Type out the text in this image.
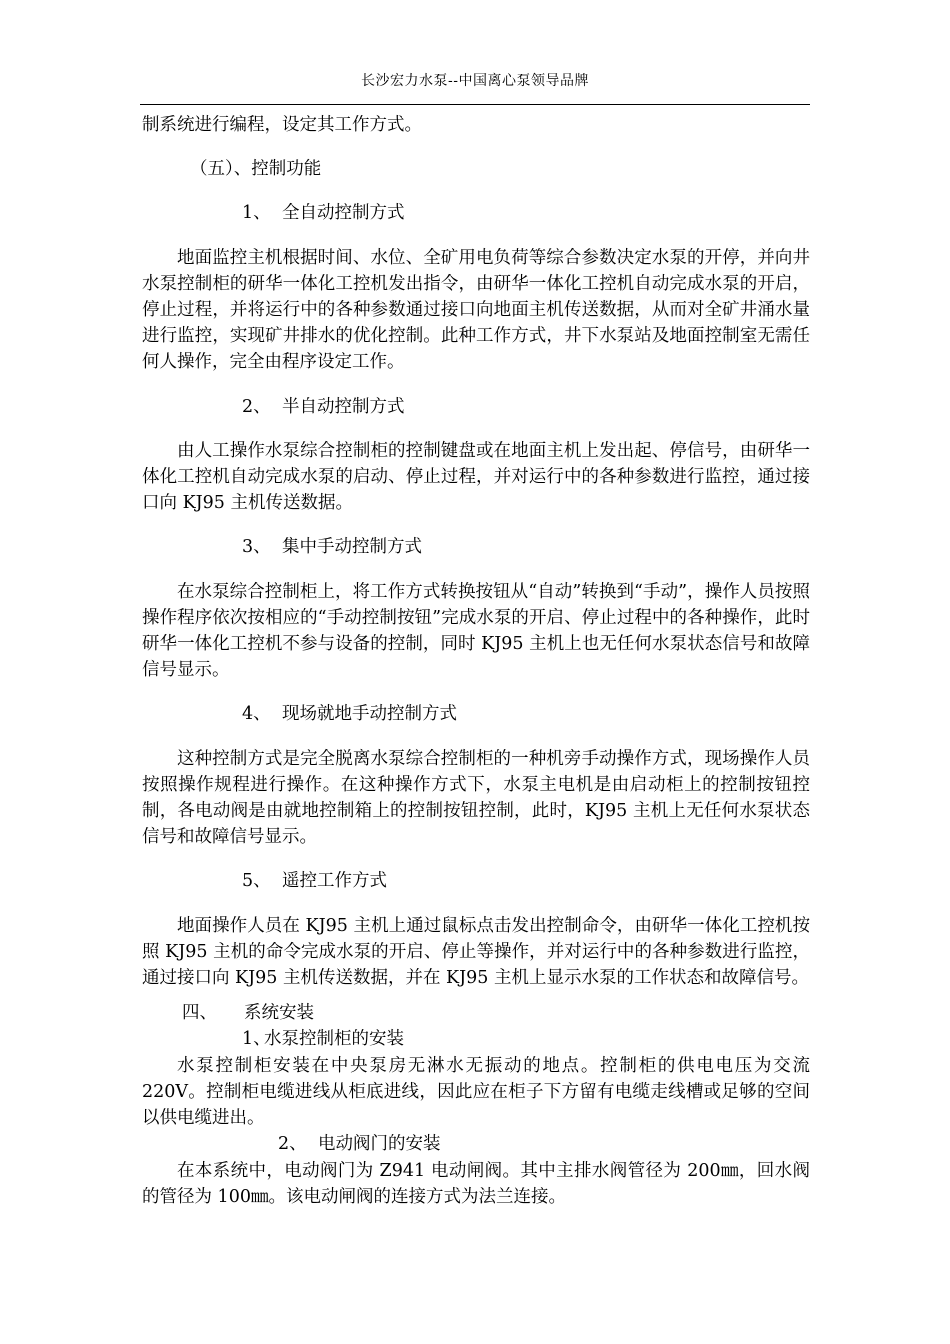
长沙宏力水泵--中国离心泵领导品牌

制系统进行编程，设定其工作方式。

（五）、控制功能

1、 全自动控制方式

地面监控主机根据时间、水位、全矿用电负荷等综合参数决定水泵的开停，并向井水泵控制柜的研华一体化工控机发出指令，由研华一体化工控机自动完成水泵的开启，停止过程，并将运行中的各种参数通过接口向地面主机传送数据，从而对全矿井涌水量进行监控，实现矿井排水的优化控制。此种工作方式，井下水泵站及地面控制室无需任何人操作，完全由程序设定工作。

2、 半自动控制方式

由人工操作水泵综合控制柜的控制键盘或在地面主机上发出起、停信号，由研华一体化工控机自动完成水泵的启动、停止过程，并对运行中的各种参数进行监控，通过接口向 KJ95 主机传送数据。

3、 集中手动控制方式

在水泵综合控制柜上，将工作方式转换按钮从“自动”转换到“手动”，操作人员按照操作程序依次按相应的“手动控制按钮”完成水泵的开启、停止过程中的各种操作，此时研华一体化工控机不参与设备的控制，同时 KJ95 主机上也无任何水泵状态信号和故障信号显示。

4、 现场就地手动控制方式

这种控制方式是完全脱离水泵综合控制柜的一种机旁手动操作方式，现场操作人员按照操作规程进行操作。在这种操作方式下，水泵主电机是由启动柜上的控制按钮控制，各电动阀是由就地控制箱上的控制按钮控制，此时，KJ95 主机上无任何水泵状态信号和故障信号显示。

5、 遥控工作方式

地面操作人员在 KJ95 主机上通过鼠标点击发出控制命令，由研华一体化工控机按照 KJ95 主机的命令完成水泵的开启、停止等操作，并对运行中的各种参数进行监控，通过接口向 KJ95 主机传送数据，并在 KJ95 主机上显示水泵的工作状态和故障信号。

四、 系统安装

1、水泵控制柜的安装

水泵控制柜安装在中央泵房无淋水无振动的地点。控制柜的供电电压为交流 220V。控制柜电缆进线从柜底进线，因此应在柜子下方留有电缆走线槽或足够的空间以供电缆进出。

2、 电动阀门的安装

在本系统中，电动阀门为 Z941 电动闸阀。其中主排水阀管径为 200㎜，回水阀的管径为 100㎜。该电动闸阀的连接方式为法兰连接。
